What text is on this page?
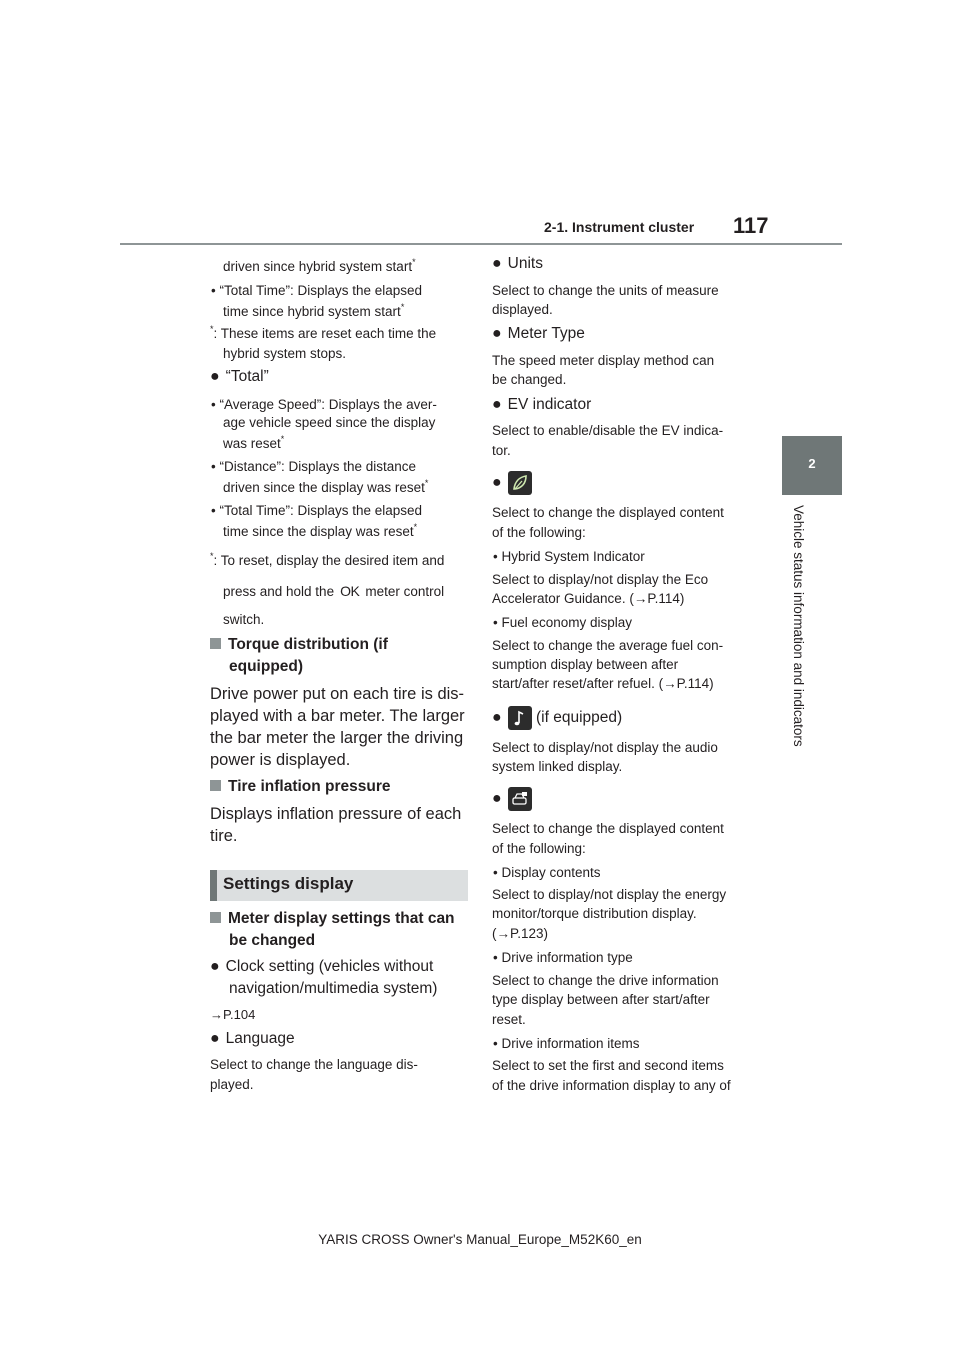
2-1. Instrument cluster 117
2
Vehicle status information and indicators
driven since hybrid system start*
• “Total Time”: Displays the elapsed
time since hybrid system start*
*: These items are reset each time the
hybrid system stops.
● “Total”
• “Average Speed”: Displays the aver-
age vehicle speed since the display
was reset*
• “Distance”: Displays the distance
driven since the display was reset*
• “Total Time”: Displays the elapsed
time since the display was reset*
*: To reset, display the desired item and
press and hold the OK meter control
switch.
Torque distribution (if
equipped)
Drive power put on each tire is dis-
played with a bar meter. The larger
the bar meter the larger the driving
power is displayed.
Tire inflation pressure
Displays inflation pressure of each
tire.
Settings display
Meter display settings that can
be changed
● Clock setting (vehicles without
navigation/multimedia system)
→P.104
● Language
Select to change the language dis-
played.
● Units
Select to change the units of measure
displayed.
● Meter Type
The speed meter display method can
be changed.
● EV indicator
Select to enable/disable the EV indica-
tor.
●
Select to change the displayed content
of the following:
• Hybrid System Indicator
Select to display/not display the Eco
Accelerator Guidance. (→P.114)
• Fuel economy display
Select to change the average fuel con-
sumption display between after
start/after reset/after refuel. (→P.114)
● (if equipped)
Select to display/not display the audio
system linked display.
●
Select to change the displayed content
of the following:
• Display contents
Select to display/not display the energy
monitor/torque distribution display.
(→P.123)
• Drive information type
Select to change the drive information
type display between after start/after
reset.
• Drive information items
Select to set the first and second items
of the drive information display to any of
YARIS CROSS Owner's Manual_Europe_M52K60_en
